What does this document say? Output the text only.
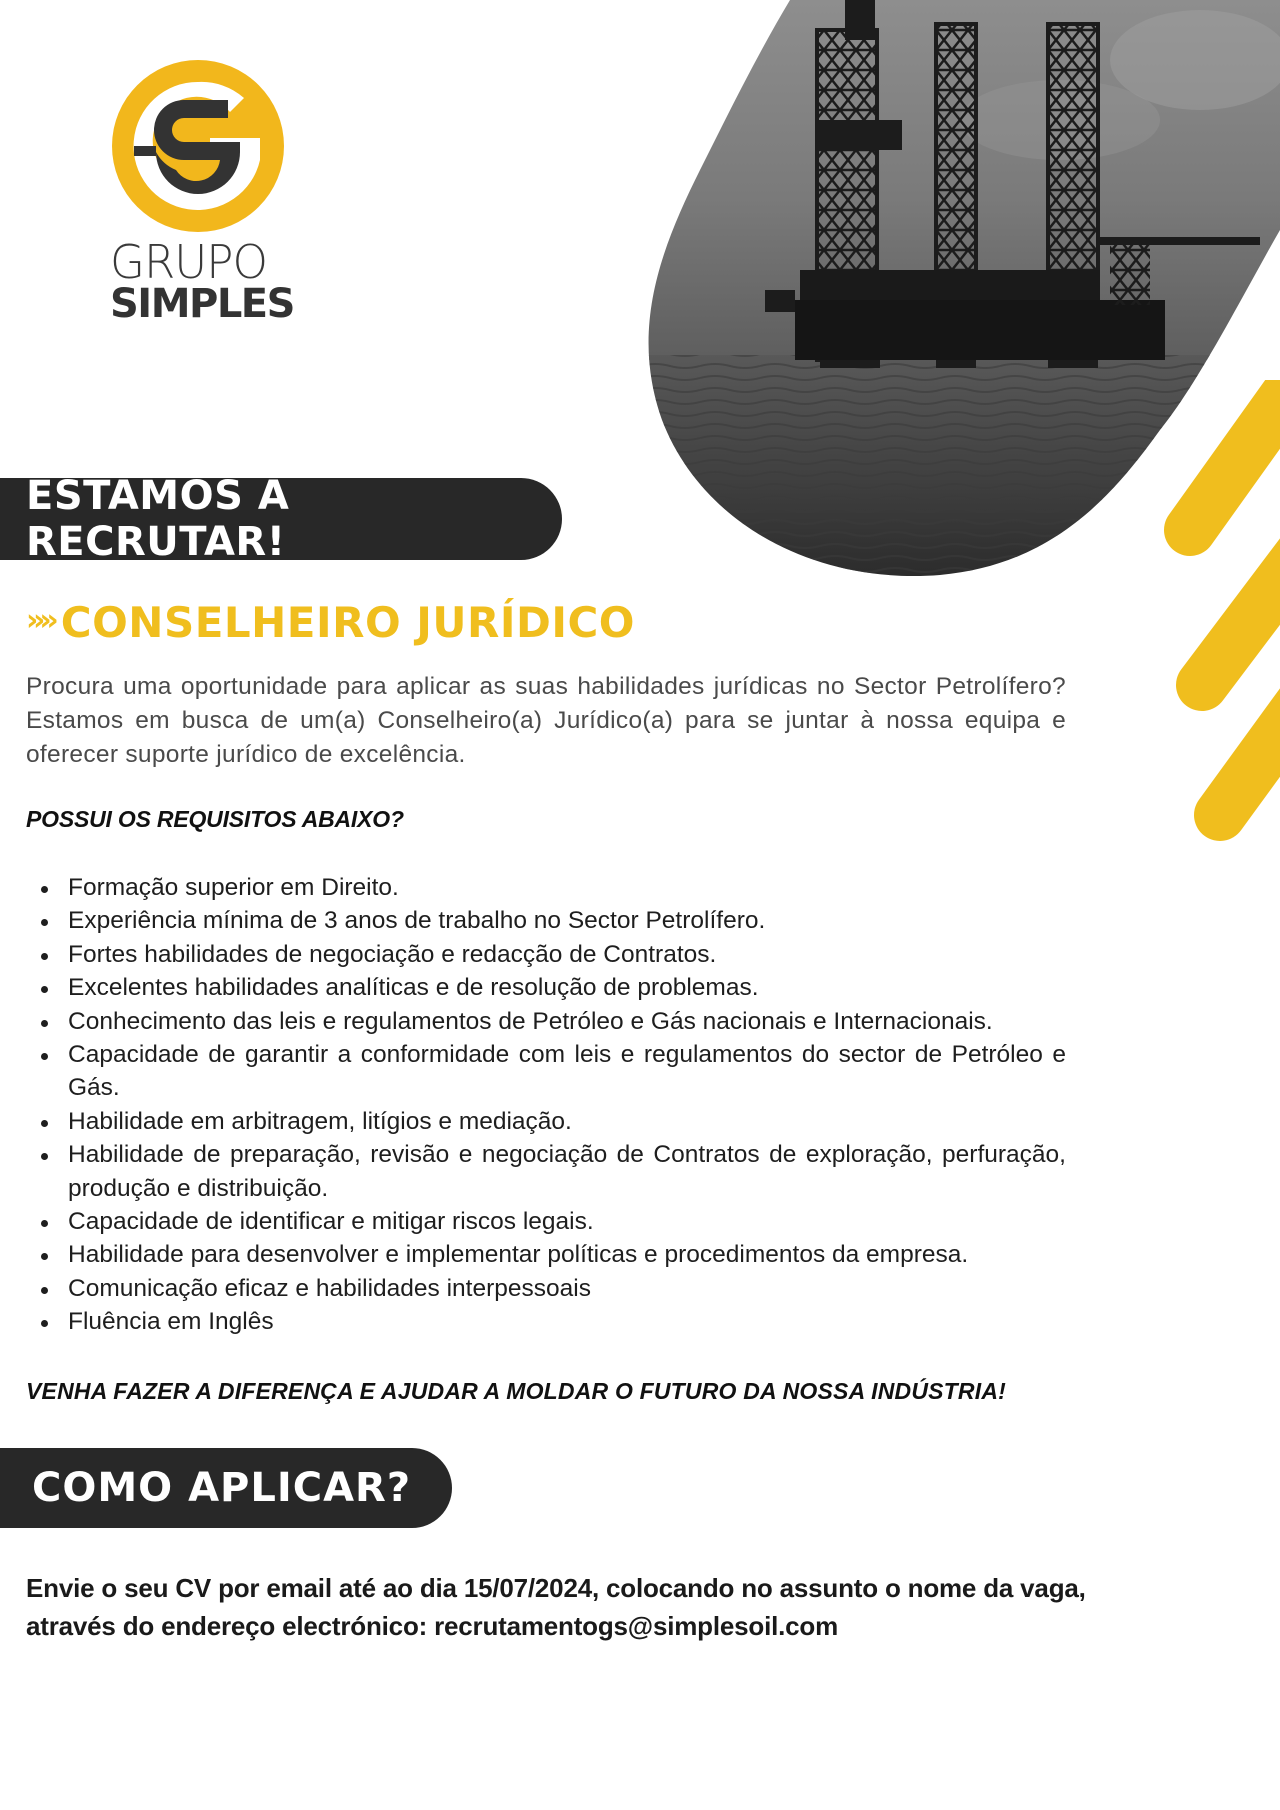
GRUPO
SIMPLES
ESTAMOS A RECRUTAR!
»» CONSELHEIRO JURÍDICO

Procura uma oportunidade para aplicar as suas habilidades jurídicas no Sector Petrolífero? Estamos em busca de um(a) Conselheiro(a) Jurídico(a) para se juntar à nossa equipa e oferecer suporte jurídico de excelência.

POSSUI OS REQUISITOS ABAIXO?
Formação superior em Direito.
Experiência mínima de 3 anos de trabalho no Sector Petrolífero.
Fortes habilidades de negociação e redacção de Contratos.
Excelentes habilidades analíticas e de resolução de problemas.
Conhecimento das leis e regulamentos de Petróleo e Gás nacionais e Internacionais.
Capacidade de garantir a conformidade com leis e regulamentos do sector de Petróleo e Gás.
Habilidade em arbitragem, litígios e mediação.
Habilidade de preparação, revisão e negociação de Contratos de exploração, perfuração, produção e distribuição.
Capacidade de identificar e mitigar riscos legais.
Habilidade para desenvolver e implementar políticas e procedimentos da empresa.
Comunicação eficaz e habilidades interpessoais
Fluência em Inglês
VENHA FAZER A DIFERENÇA E AJUDAR A MOLDAR O FUTURO DA NOSSA INDÚSTRIA!
COMO APLICAR?

Envie o seu CV por email até ao dia 15/07/2024, colocando no assunto o nome da vaga, através do endereço electrónico: recrutamentogs@simplesoil.com
